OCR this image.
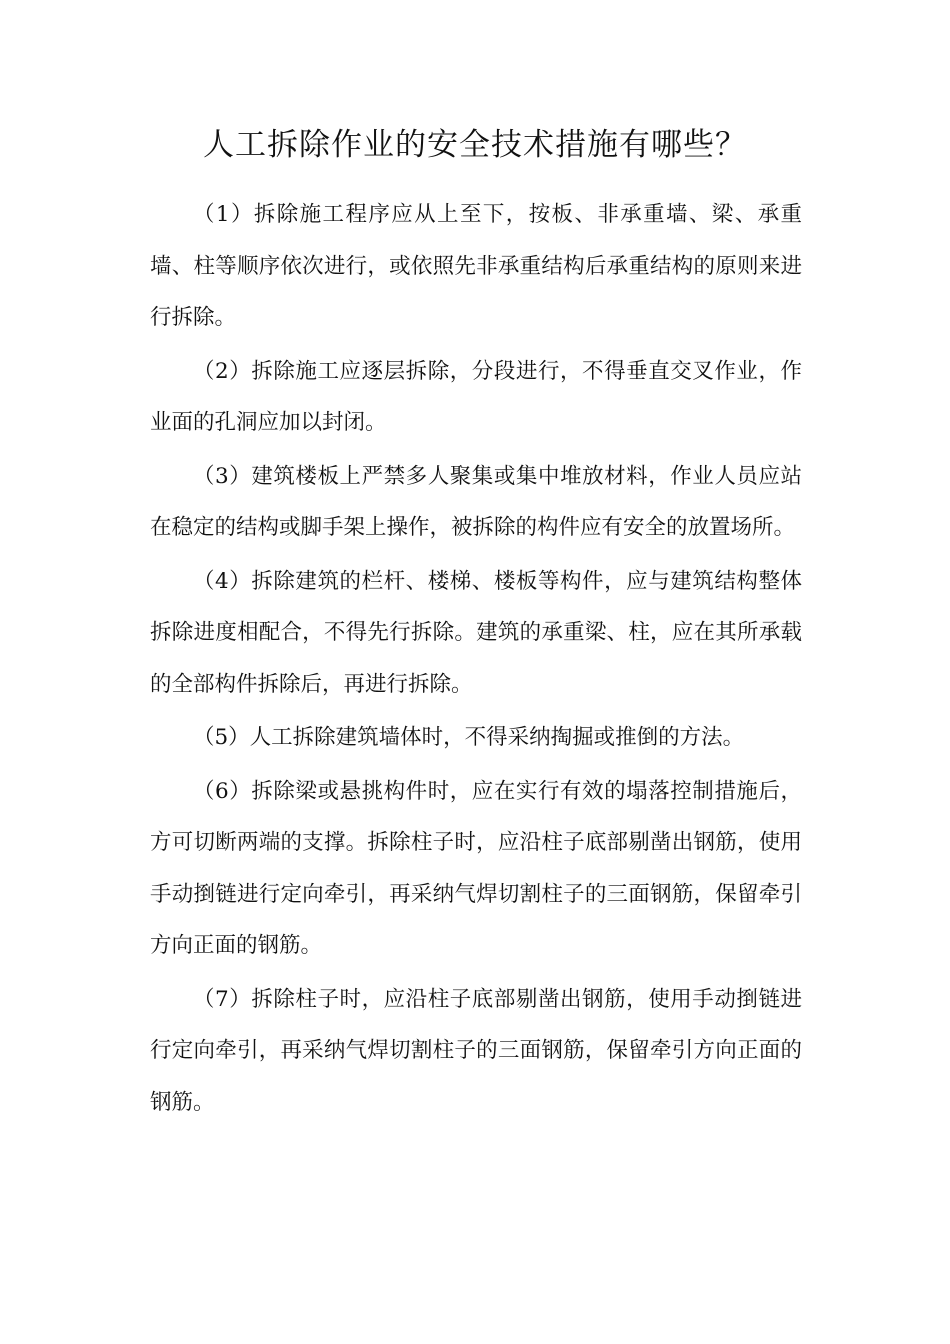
人工拆除作业的安全技术措施有哪些？

（1）拆除施工程序应从上至下，按板、非承重墙、梁、承重墙、柱等顺序依次进行，或依照先非承重结构后承重结构的原则来进行拆除。

（2）拆除施工应逐层拆除，分段进行，不得垂直交叉作业，作业面的孔洞应加以封闭。

（3）建筑楼板上严禁多人聚集或集中堆放材料，作业人员应站在稳定的结构或脚手架上操作，被拆除的构件应有安全的放置场所。

（4）拆除建筑的栏杆、楼梯、楼板等构件，应与建筑结构整体拆除进度相配合，不得先行拆除。建筑的承重梁、柱，应在其所承载的全部构件拆除后，再进行拆除。

（5）人工拆除建筑墙体时，不得采纳掏掘或推倒的方法。

（6）拆除梁或悬挑构件时，应在实行有效的塌落控制措施后，方可切断两端的支撑。拆除柱子时，应沿柱子底部剔凿出钢筋，使用手动捯链进行定向牵引，再采纳气焊切割柱子的三面钢筋，保留牵引方向正面的钢筋。

（7）拆除柱子时，应沿柱子底部剔凿出钢筋，使用手动捯链进行定向牵引，再采纳气焊切割柱子的三面钢筋，保留牵引方向正面的钢筋。
